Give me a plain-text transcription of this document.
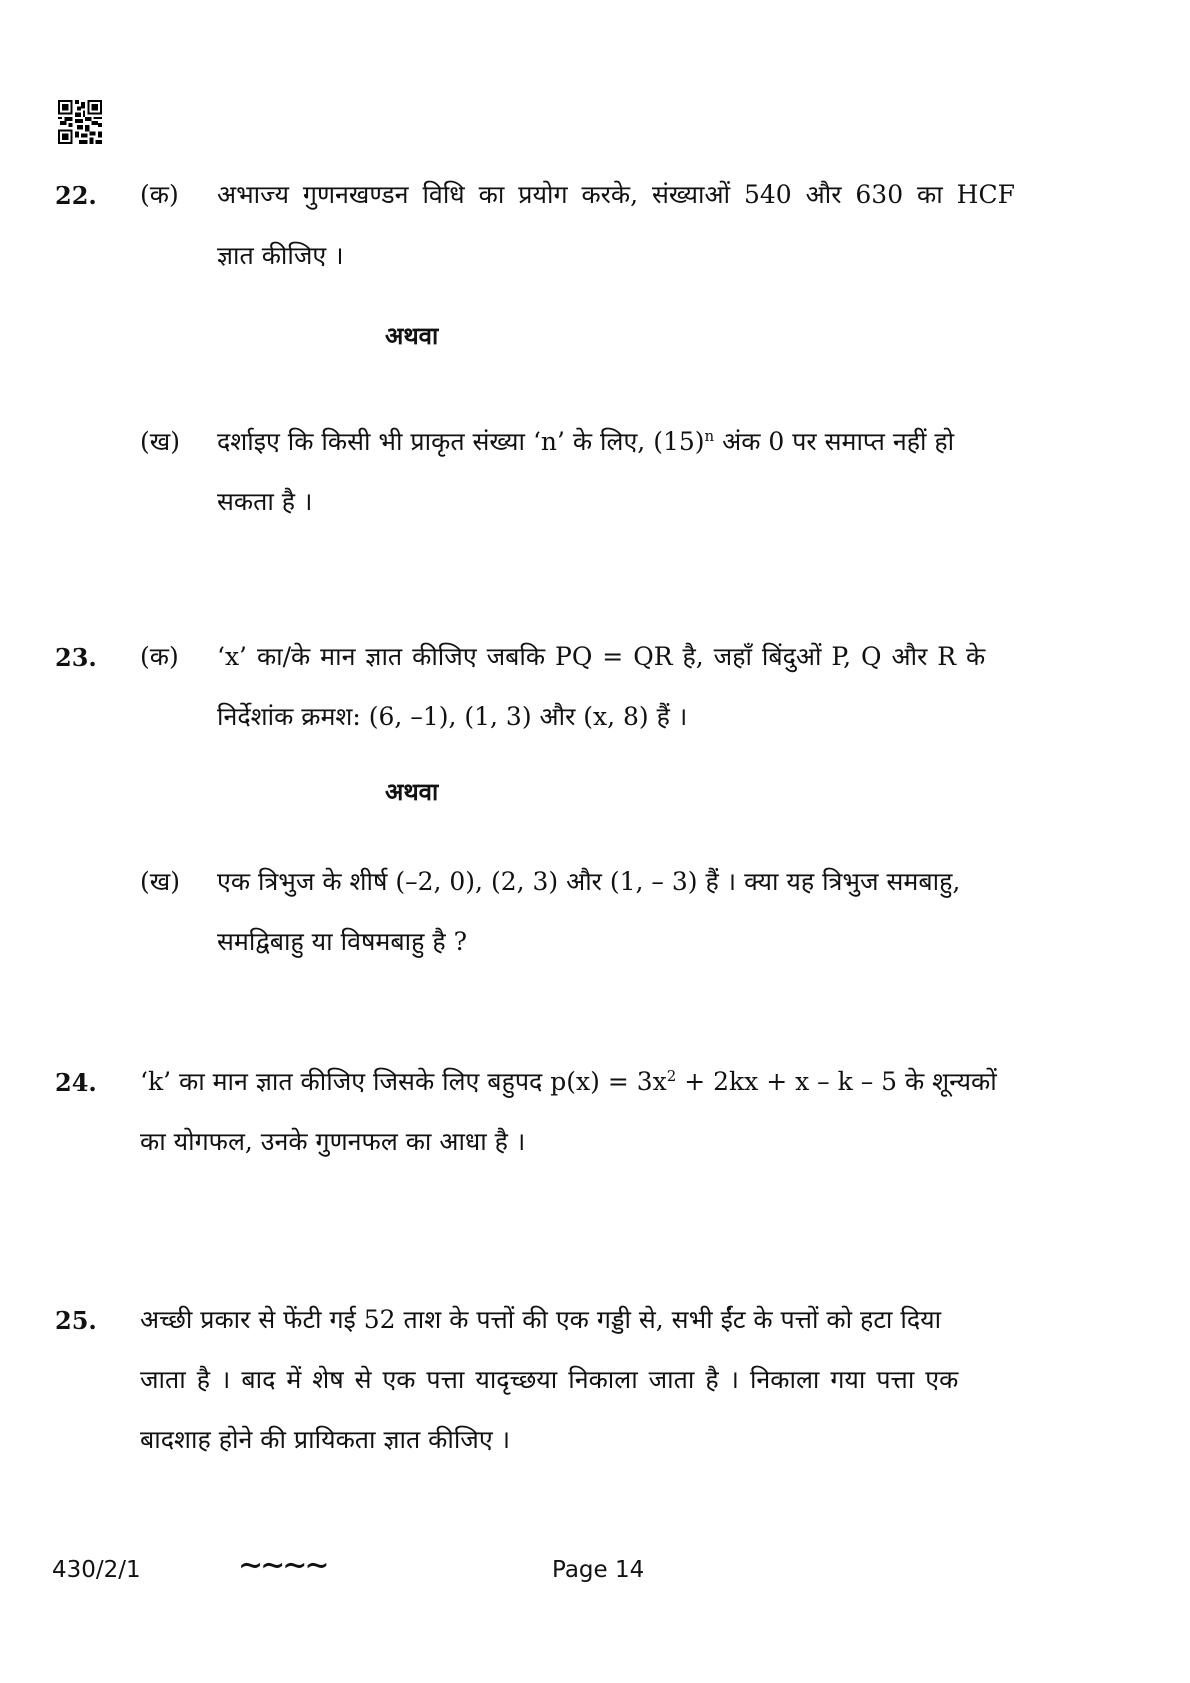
22. (क) अभाज्य गुणनखण्डन विधि का प्रयोग करके, संख्याओं 540 और 630 का HCF
ज्ञात कीजिए ।
अथवा
(ख) दर्शाइए कि किसी भी प्राकृत संख्या ‘n’ के लिए, $(15)^n$ अंक 0 पर समाप्त नहीं हो
सकता है ।
23. (क) ‘x’ का/के मान ज्ञात कीजिए जबकि PQ = QR है, जहाँ बिंदुओं P, Q और R के
निर्देशांक क्रमश: (6, –1), (1, 3) और (x, 8) हैं ।
अथवा
(ख) एक त्रिभुज के शीर्ष (–2, 0), (2, 3) और (1, – 3) हैं । क्या यह त्रिभुज समबाहु,
समद्विबाहु या विषमबाहु है ?
24. ‘k’ का मान ज्ञात कीजिए जिसके लिए बहुपद $p(x) = 3x^2 + 2kx + x - k - 5$ के शून्यकों
का योगफल, उनके गुणनफल का आधा है ।
25. अच्छी प्रकार से फेंटी गई 52 ताश के पत्तों की एक गड्डी से, सभी ईंट के पत्तों को हटा दिया
जाता है । बाद में शेष से एक पत्ता यादृच्छया निकाला जाता है । निकाला गया पत्ता एक
बादशाह होने की प्रायिकता ज्ञात कीजिए ।
430/2/1	∼∼∼∼	Page 14
